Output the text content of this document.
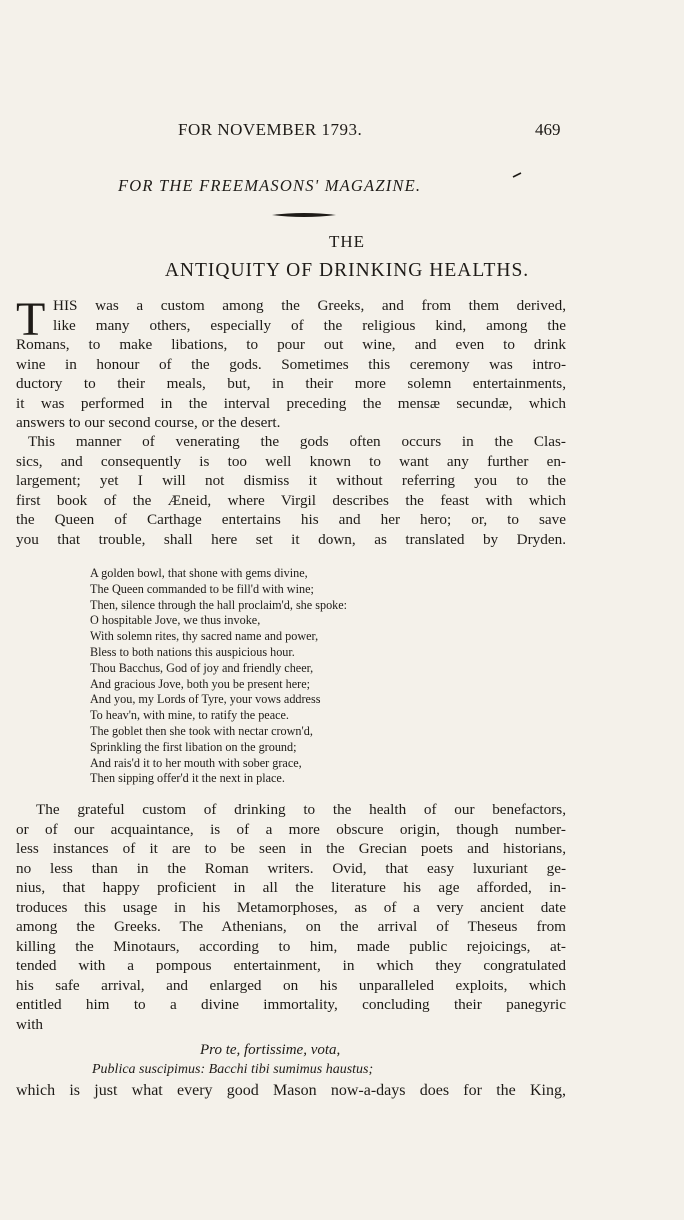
FOR NOVEMBER 1793.	469
FOR THE FREEMASONS' MAGAZINE.
THE
ANTIQUITY OF DRINKING HEALTHS.
T HIS was a custom among the Greeks, and from them derived,
like many others, especially of the religious kind, among the
Romans, to make libations, to pour out wine, and even to drink
wine in honour of the gods. Sometimes this ceremony was intro-
ductory to their meals, but, in their more solemn entertainments,
it was performed in the interval preceding the mensæ secundæ, which
answers to our second course, or the desert.
This manner of venerating the gods often occurs in the Clas-
sics, and consequently is too well known to want any further en-
largement; yet I will not dismiss it without referring you to the
first book of the Æneid, where Virgil describes the feast with which
the Queen of Carthage entertains his and her hero; or, to save
you that trouble, shall here set it down, as translated by Dryden.
A golden bowl, that shone with gems divine,
The Queen commanded to be fill'd with wine;
Then, silence through the hall proclaim'd, she spoke:
O hospitable Jove, we thus invoke,
With solemn rites, thy sacred name and power,
Bless to both nations this auspicious hour.
Thou Bacchus, God of joy and friendly cheer,
And gracious Jove, both you be present here;
And you, my Lords of Tyre, your vows address
To heav'n, with mine, to ratify the peace.
The goblet then she took with nectar crown'd,
Sprinkling the first libation on the ground;
And rais'd it to her mouth with sober grace,
Then sipping offer'd it the next in place.
The grateful custom of drinking to the health of our benefactors,
or of our acquaintance, is of a more obscure origin, though number-
less instances of it are to be seen in the Grecian poets and historians,
no less than in the Roman writers. Ovid, that easy luxuriant ge-
nius, that happy proficient in all the literature his age afforded, in-
troduces this usage in his Metamorphoses, as of a very ancient date
among the Greeks. The Athenians, on the arrival of Theseus from
killing the Minotaurs, according to him, made public rejoicings, at-
tended with a pompous entertainment, in which they congratulated
his safe arrival, and enlarged on his unparalleled exploits, which
entitled him to a divine immortality, concluding their panegyric
with
Pro te, fortissime, vota,
Publica suscipimus: Bacchi tibi sumimus haustus;
which is just what every good Mason now-a-days does for the King,
